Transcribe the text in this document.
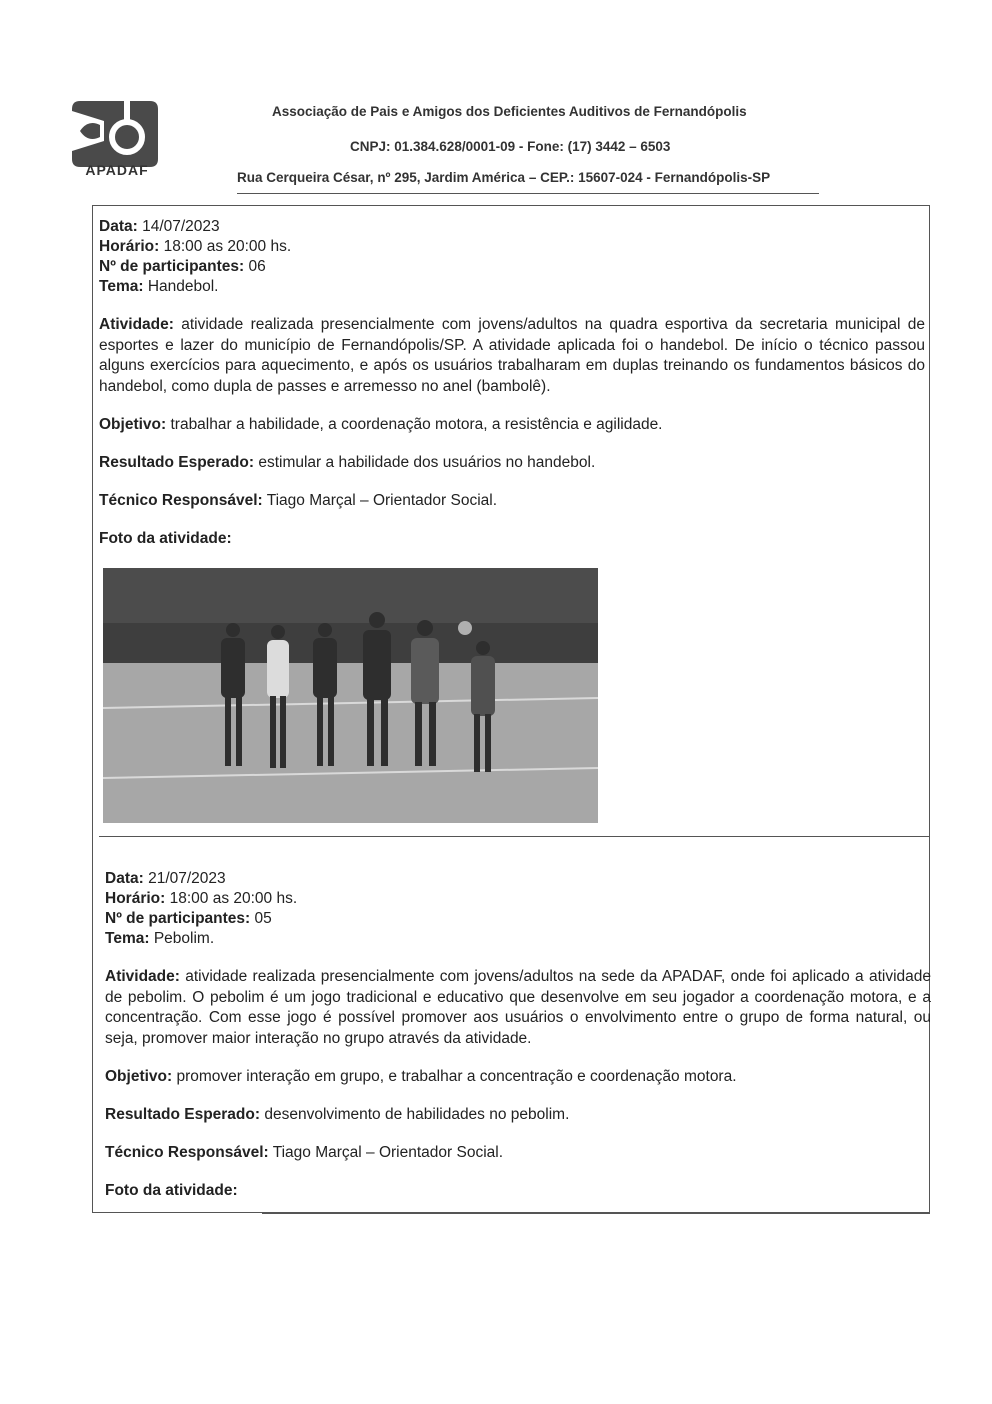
APADAF
Associação de Pais e Amigos dos Deficientes Auditivos de Fernandópolis
CNPJ: 01.384.628/0001-09 - Fone: (17) 3442 – 6503
Rua Cerqueira César, nº 295, Jardim América – CEP.: 15607-024 - Fernandópolis-SP

Data: 14/07/2023

Horário: 18:00 as 20:00 hs.

Nº de participantes: 06

Tema: Handebol.

Atividade: atividade realizada presencialmente com jovens/adultos na quadra esportiva da secretaria municipal de esportes e lazer do município de Fernandópolis/SP. A atividade aplicada foi o handebol. De início o técnico passou alguns exercícios para aquecimento, e após os usuários trabalharam em duplas treinando os fundamentos básicos do handebol, como dupla de passes e arremesso no anel (bambolê).

Objetivo: trabalhar a habilidade, a coordenação motora, a resistência e agilidade.

Resultado Esperado: estimular a habilidade dos usuários no handebol.

Técnico Responsável: Tiago Marçal – Orientador Social.

Foto da atividade:

Data: 21/07/2023

Horário: 18:00 as 20:00 hs.

Nº de participantes: 05

Tema: Pebolim.

Atividade: atividade realizada presencialmente com jovens/adultos na sede da APADAF, onde foi aplicado a atividade de pebolim. O pebolim é um jogo tradicional e educativo que desenvolve em seu jogador a coordenação motora, e a concentração. Com esse jogo é possível promover aos usuários o envolvimento entre o grupo de forma natural, ou seja, promover maior interação no grupo através da atividade.

Objetivo: promover interação em grupo, e trabalhar a concentração e coordenação motora.

Resultado Esperado: desenvolvimento de habilidades no pebolim.

Técnico Responsável: Tiago Marçal – Orientador Social.

Foto da atividade:
